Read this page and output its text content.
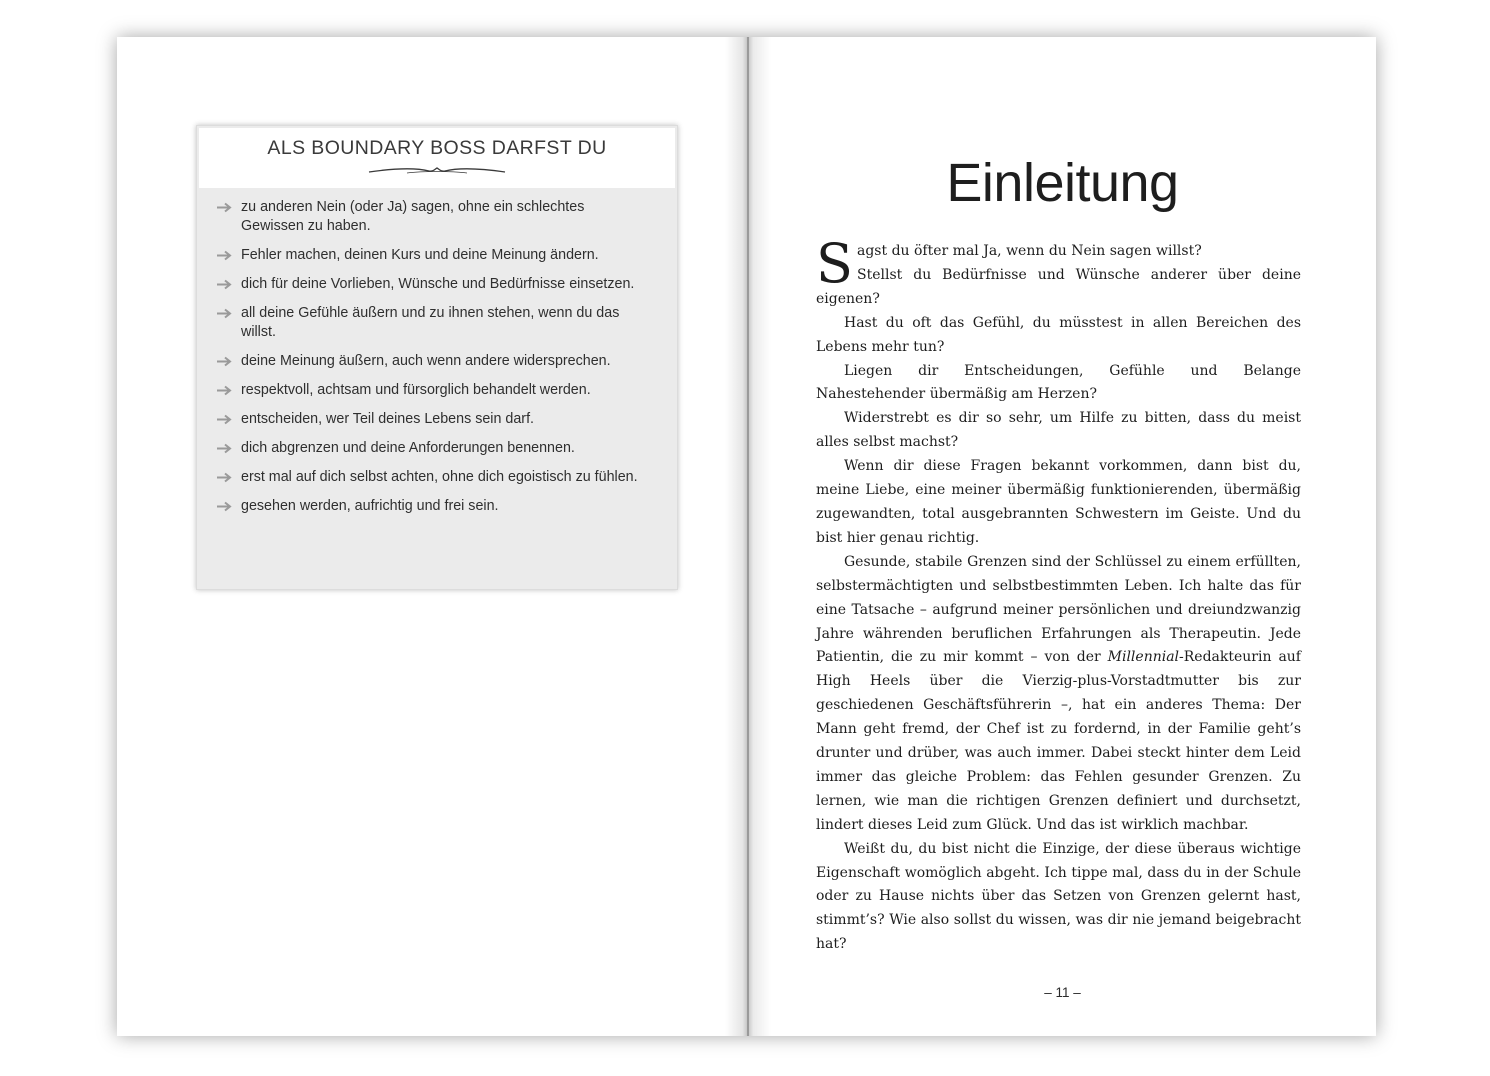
ALS BOUNDARY BOSS DARFST DU
zu anderen Nein (oder Ja) sagen, ohne ein schlechtes Gewissen zu haben.
Fehler machen, deinen Kurs und deine Meinung ändern.
dich für deine Vorlieben, Wünsche und Bedürfnisse einsetzen.
all deine Gefühle äußern und zu ihnen stehen, wenn du das willst.
deine Meinung äußern, auch wenn andere widersprechen.
respektvoll, achtsam und fürsorglich behandelt werden.
entscheiden, wer Teil deines Lebens sein darf.
dich abgrenzen und deine Anforderungen benennen.
erst mal auf dich selbst achten, ohne dich egoistisch zu fühlen.
gesehen werden, aufrichtig und frei sein.
Einleitung

Sagst du öfter mal Ja, wenn du Nein sagen willst?
Stellst du Bedürfnisse und Wünsche anderer über deine eigenen?

Hast du oft das Gefühl, du müsstest in allen Bereichen des Lebens mehr tun?

Liegen dir Entscheidungen, Gefühle und Belange Nahestehender übermäßig am Herzen?

Widerstrebt es dir so sehr, um Hilfe zu bitten, dass du meist alles selbst machst?

Wenn dir diese Fragen bekannt vorkommen, dann bist du, meine Liebe, eine meiner übermäßig funktionierenden, übermäßig zugewandten, total ausgebrannten Schwestern im Geiste. Und du bist hier genau richtig.

Gesunde, stabile Grenzen sind der Schlüssel zu einem erfüllten, selbstermächtigten und selbstbestimmten Leben. Ich halte das für eine Tatsache – aufgrund meiner persönlichen und dreiundzwanzig Jahre währenden beruflichen Erfahrungen als Therapeutin. Jede Patientin, die zu mir kommt – von der Millennial-Redakteurin auf High Heels über die Vierzig-plus-Vorstadtmutter bis zur geschiedenen Geschäftsführerin –, hat ein anderes Thema: Der Mann geht fremd, der Chef ist zu fordernd, in der Familie geht’s drunter und drüber, was auch immer. Dabei steckt hinter dem Leid immer das gleiche Problem: das Fehlen gesunder Grenzen. Zu lernen, wie man die richtigen Grenzen definiert und durchsetzt, lindert dieses Leid zum Glück. Und das ist wirklich machbar.

Weißt du, du bist nicht die Einzige, der diese überaus wichtige Eigenschaft womöglich abgeht. Ich tippe mal, dass du in der Schule oder zu Hause nichts über das Setzen von Grenzen gelernt hast, stimmt’s? Wie also sollst du wissen, was dir nie jemand beigebracht hat?

– 11 –
